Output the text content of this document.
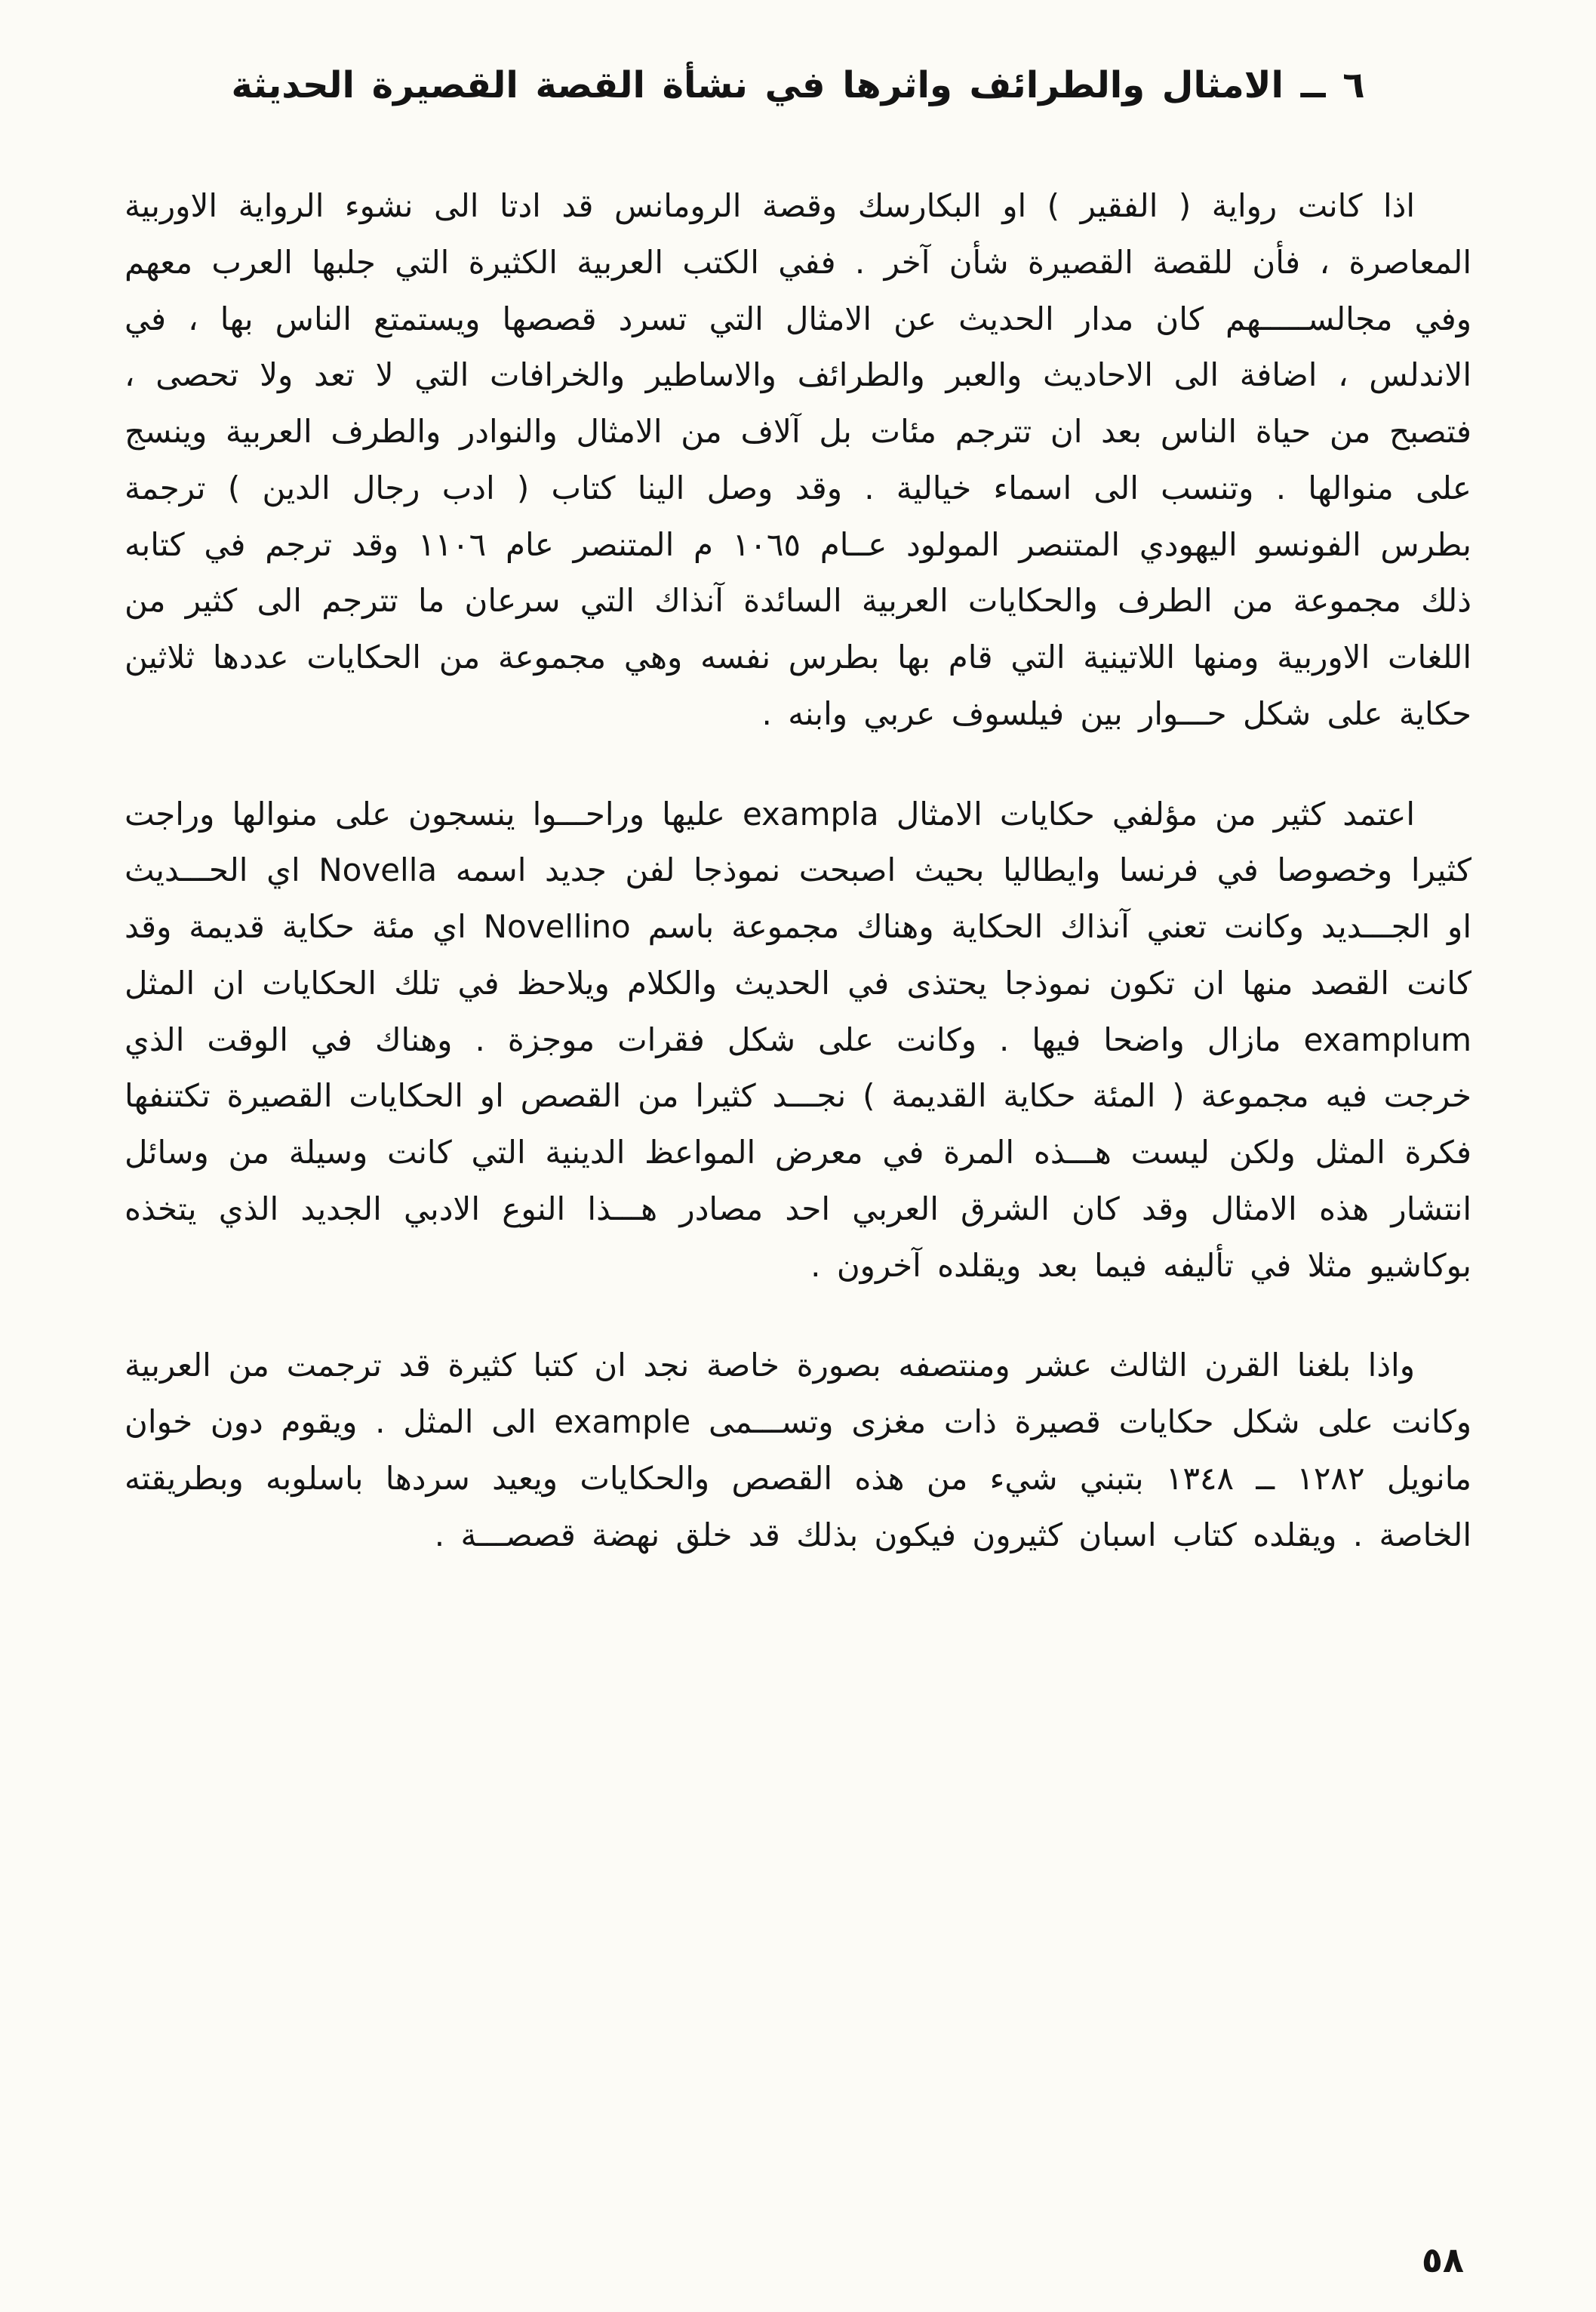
٦ ــ الامثال والطرائف واثرها في نشأة القصة القصيرة الحديثة

اذا كانت رواية ( الفقير ) او البكارسك وقصة الرومانس قد ادتا الى نشوء الرواية الاوربية المعاصرة ، فأن للقصة القصيرة شأن آخر . ففي الكتب العربية الكثيرة التي جلبها العرب معهم وفي مجالســـــهم كان مدار الحديث عن الامثال التي تسرد قصصها ويستمتع الناس بها ، في الاندلس ، اضافة الى الاحاديث والعبر والطرائف والاساطير والخرافات التي لا تعد ولا تحصى ، فتصبح من حياة الناس بعد ان تترجم مئات بل آلاف من الامثال والنوادر والطرف العربية وينسج على منوالها . وتنسب الى اسماء خيالية . وقد وصل الينا كتاب ( ادب رجال الدين ) ترجمة بطرس الفونسو اليهودي المتنصر المولود عــام ١٠٦٥ م المتنصر عام ١١٠٦ وقد ترجم في كتابه ذلك مجموعة من الطرف والحكايات العربية السائدة آنذاك التي سرعان ما تترجم الى كثير من اللغات الاوربية ومنها اللاتينية التي قام بها بطرس نفسه وهي مجموعة من الحكايات عددها ثلاثين حكاية على شكل حـــوار بين فيلسوف عربي وابنه .

اعتمد كثير من مؤلفي حكايات الامثال exampla عليها وراحـــوا ينسجون على منوالها وراجت كثيرا وخصوصا في فرنسا وايطاليا بحيث اصبحت نموذجا لفن جديد اسمه Novella اي الحـــديث او الجـــديد وكانت تعني آنذاك الحكاية وهناك مجموعة باسم Novellino اي مئة حكاية قديمة وقد كانت القصد منها ان تكون نموذجا يحتذى في الحديث والكلام ويلاحظ في تلك الحكايات ان المثل examplum مازال واضحا فيها . وكانت على شكل فقرات موجزة . وهناك في الوقت الذي خرجت فيه مجموعة ( المئة حكاية القديمة ) نجـــد كثيرا من القصص او الحكايات القصيرة تكتنفها فكرة المثل ولكن ليست هـــذه المرة في معرض المواعظ الدينية التي كانت وسيلة من وسائل انتشار هذه الامثال وقد كان الشرق العربي احد مصادر هـــذا النوع الادبي الجديد الذي يتخذه بوكاشيو مثلا في تأليفه فيما بعد ويقلده آخرون .

واذا بلغنا القرن الثالث عشر ومنتصفه بصورة خاصة نجد ان كتبا كثيرة قد ترجمت من العربية وكانت على شكل حكايات قصيرة ذات مغزى وتســـمى example الى المثل . ويقوم دون خوان مانويل ١٢٨٢ ــ ١٣٤٨ بتبني شيء من هذه القصص والحكايات ويعيد سردها باسلوبه وبطريقته الخاصة . ويقلده كتاب اسبان كثيرون فيكون بذلك قد خلق نهضة قصصـــة .

٥٨
